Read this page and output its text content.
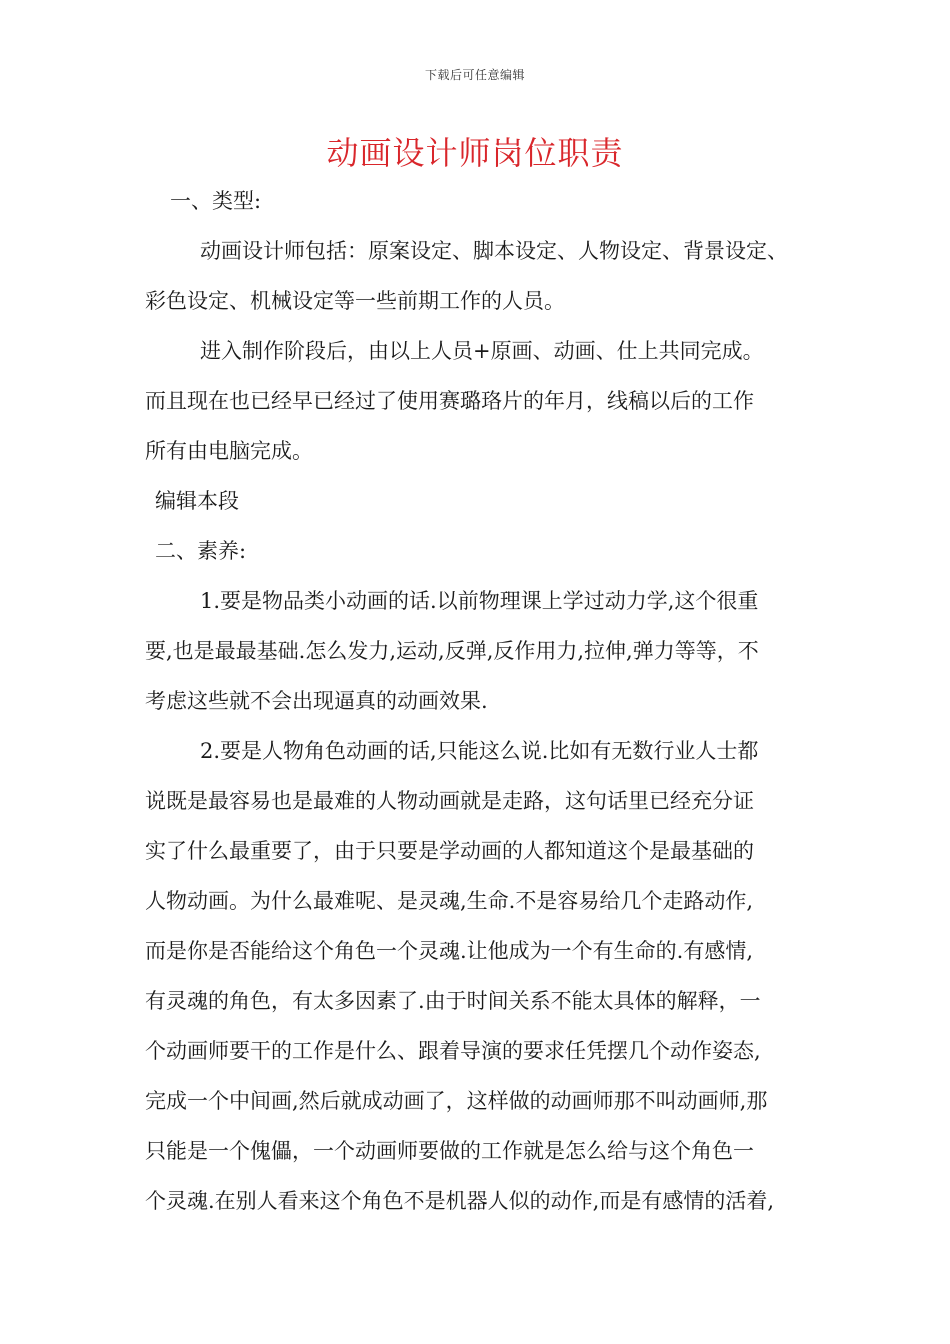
下载后可任意编辑
动画设计师岗位职责

一、类型:

动画设计师包括：原案设定、脚本设定、人物设定、背景设定、

彩色设定、机械设定等一些前期工作的人员。

进入制作阶段后，由以上人员+原画、动画、仕上共同完成。

而且现在也已经早已经过了使用赛璐珞片的年月，线稿以后的工作

所有由电脑完成。

编辑本段

二、素养:

1.要是物品类小动画的话.以前物理课上学过动力学,这个很重

要,也是最最基础.怎么发力,运动,反弹,反作用力,拉伸,弹力等等，不

考虑这些就不会出现逼真的动画效果.

2.要是人物角色动画的话,只能这么说.比如有无数行业人士都

说既是最容易也是最难的人物动画就是走路，这句话里已经充分证

实了什么最重要了，由于只要是学动画的人都知道这个是最基础的

人物动画。为什么最难呢、是灵魂,生命.不是容易给几个走路动作,

而是你是否能给这个角色一个灵魂.让他成为一个有生命的.有感情,

有灵魂的角色，有太多因素了.由于时间关系不能太具体的解释，一

个动画师要干的工作是什么、跟着导演的要求任凭摆几个动作姿态,

完成一个中间画,然后就成动画了，这样做的动画师那不叫动画师,那

只能是一个傀儡，一个动画师要做的工作就是怎么给与这个角色一

个灵魂.在别人看来这个角色不是机器人似的动作,而是有感情的活着,
